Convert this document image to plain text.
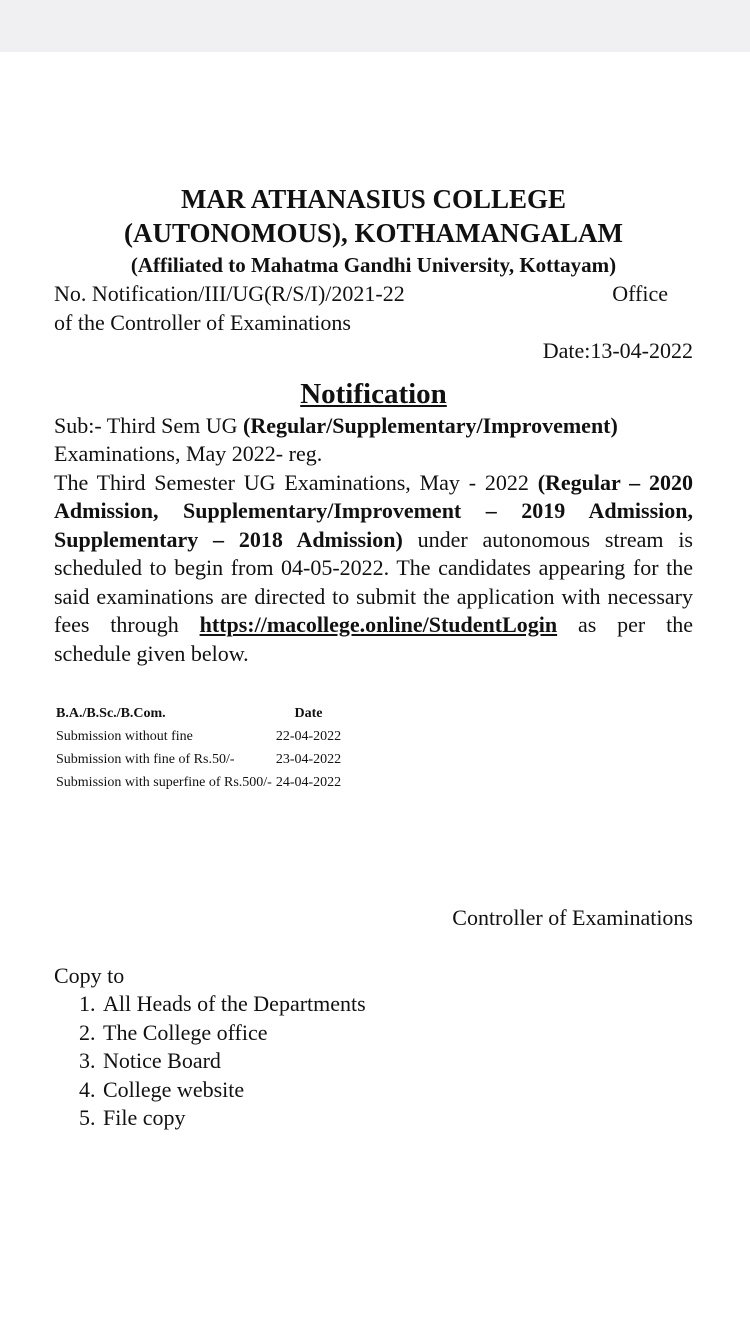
MAR ATHANASIUS COLLEGE
(AUTONOMOUS), KOTHAMANGALAM
(Affiliated to Mahatma Gandhi University, Kottayam)
No. Notification/III/UG(R/S/I)/2021-22	Office
of the Controller of Examinations
Date:13-04-2022
Notification
Sub:- Third Sem UG (Regular/Supplementary/Improvement)
Examinations, May 2022- reg.
The Third Semester UG Examinations, May - 2022 (Regular – 2020 Admission, Supplementary/Improvement – 2019 Admission, Supplementary – 2018 Admission) under autonomous stream is scheduled to begin from 04-05-2022. The candidates appearing for the said examinations are directed to submit the application with necessary fees through https://macollege.online/StudentLogin as per the schedule given below.
B.A./B.Sc./B.Com.	Date
Submission without fine	22-04-2022
Submission with fine of Rs.50/-	23-04-2022
Submission with superfine of Rs.500/-	24-04-2022
Controller of Examinations
Copy to
1. All Heads of the Departments
2. The College office
3. Notice Board
4. College website
5. File copy
